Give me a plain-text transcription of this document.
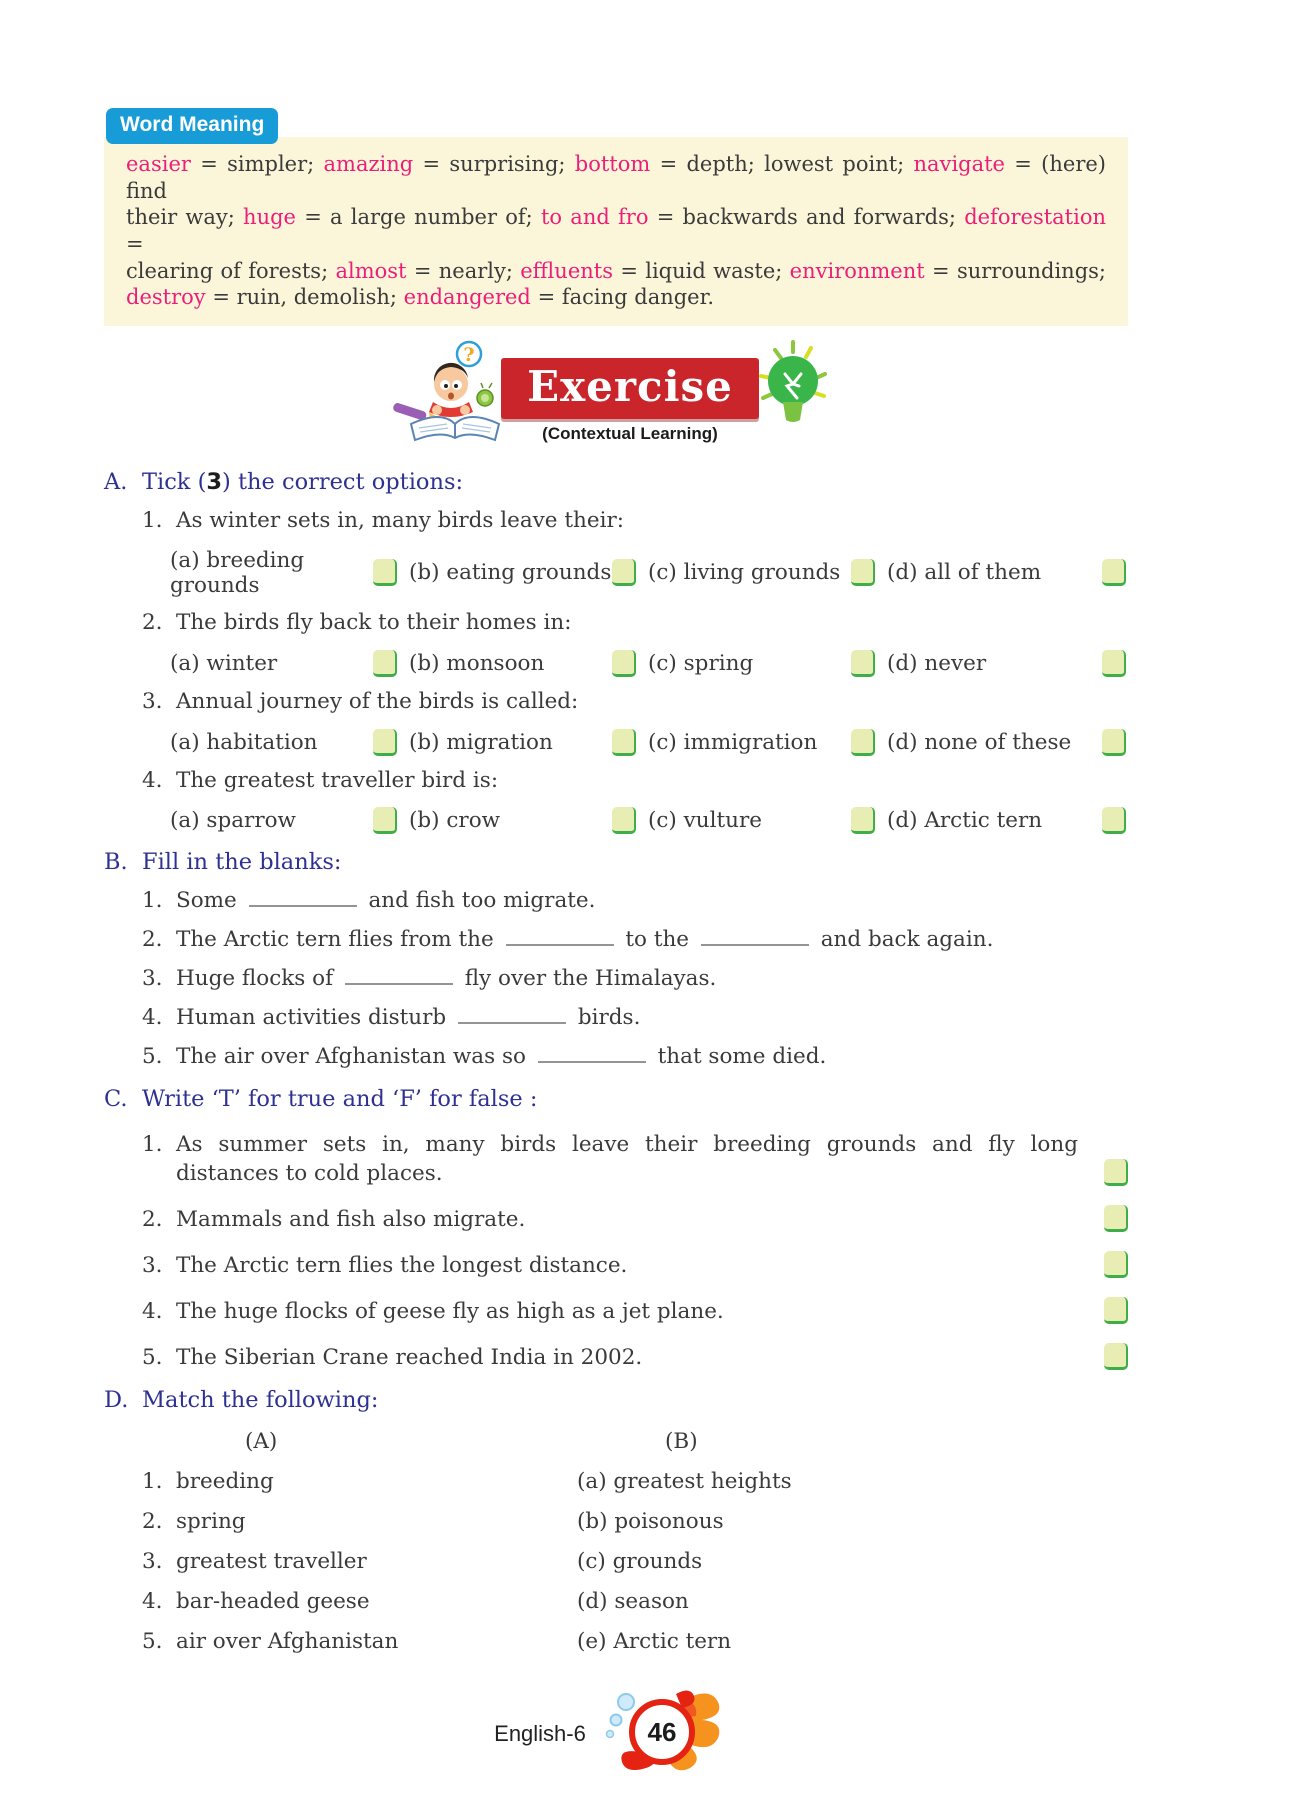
Word Meaning
easier = simpler; amazing = surprising; bottom = depth; lowest point; navigate = (here) find
their way; huge = a large number of; to and fro = backwards and forwards; deforestation =
clearing of forests; almost = nearly; effluents = liquid waste; environment = surroundings;
destroy = ruin, demolish; endangered = facing danger.
?
Exercise
(Contextual Learning)
A. Tick (3) the correct options:
1. As winter sets in, many birds leave their:
(a) breeding grounds	(b) eating grounds (c) living grounds (d) all of them
2. The birds fly back to their homes in:
(a) winter	(b) monsoon	(c) spring	(d) never
3. Annual journey of the birds is called:
(a) habitation	(b) migration	(c) immigration	(d) none of these
4. The greatest traveller bird is:
(a) sparrow	(b) crow	(c) vulture	(d) Arctic tern
B. Fill in the blanks:
1. Some	and fish too migrate.
2. The Arctic tern flies from the	to the	and back again.
3. Huge flocks of	fly over the Himalayas.
4. Human activities disturb	birds.
5. The air over Afghanistan was so	that some died.
C. Write ‘T’ for true and ‘F’ for false :
1. As summer sets in, many birds leave their breeding grounds and fly long distances to cold places.
2. Mammals and fish also migrate.
3. The Arctic tern flies the longest distance.
4. The huge flocks of geese fly as high as a jet plane.
5. The Siberian Crane reached India in 2002.
D. Match the following:
(A)	(B)
1. breeding	(a) greatest heights
2. spring	(b) poisonous
3. greatest traveller	(c) grounds
4. bar-headed geese	(d) season
5. air over Afghanistan	(e) Arctic tern
English-6 46
